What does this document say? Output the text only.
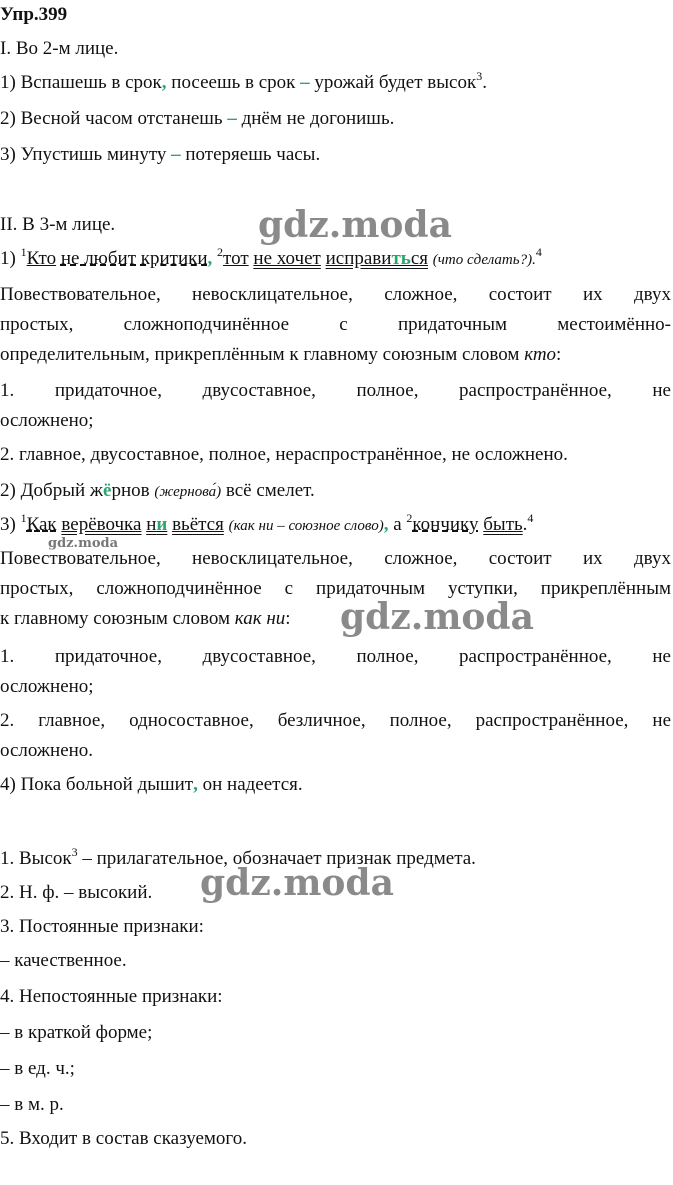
Упр.399
I. Во 2-м лице.
1) Вспашешь в срок, посеешь в срок – урожай будет высок$^3$.
2) Весной часом отстанешь – днём не догонишь.
3) Упустишь минуту – потеряешь часы.
II. В 3-м лице.
1) $^1$Кто не любит критики, $^2$тот не хочет исправиться (что сделать?).$^4$
Повествовательное, невосклицательное, сложное, состоит их двух
простых, сложноподчинённое с придаточным местоимённо-
определительным, прикреплённым к главному союзным словом кто:
1. придаточное, двусоставное, полное, распространённое, не
осложнено;
2. главное, двусоставное, полное, нераспространённое, не осложнено.
2) Добрый жёрнов (жернова́) всё смелет.
3) $^1$Как верёвочка ни вьётся (как ни – союзное слово), а $^2$кончику быть.$^4$
Повествовательное, невосклицательное, сложное, состоит их двух
простых, сложноподчинённое с придаточным уступки, прикреплённым
к главному союзным словом как ни:
1. придаточное, двусоставное, полное, распространённое, не
осложнено;
2. главное, односоставное, безличное, полное, распространённое, не
осложнено.
4) Пока больной дышит, он надеется.
1. Высок$^3$ – прилагательное, обозначает признак предмета.
2. Н. ф. – высокий.
3. Постоянные признаки:
– качественное.
4. Непостоянные признаки:
– в краткой форме;
– в ед. ч.;
– в м. р.
5. Входит в состав сказуемого.
gdz.moda
gdz.moda
gdz.moda
gdz.moda
